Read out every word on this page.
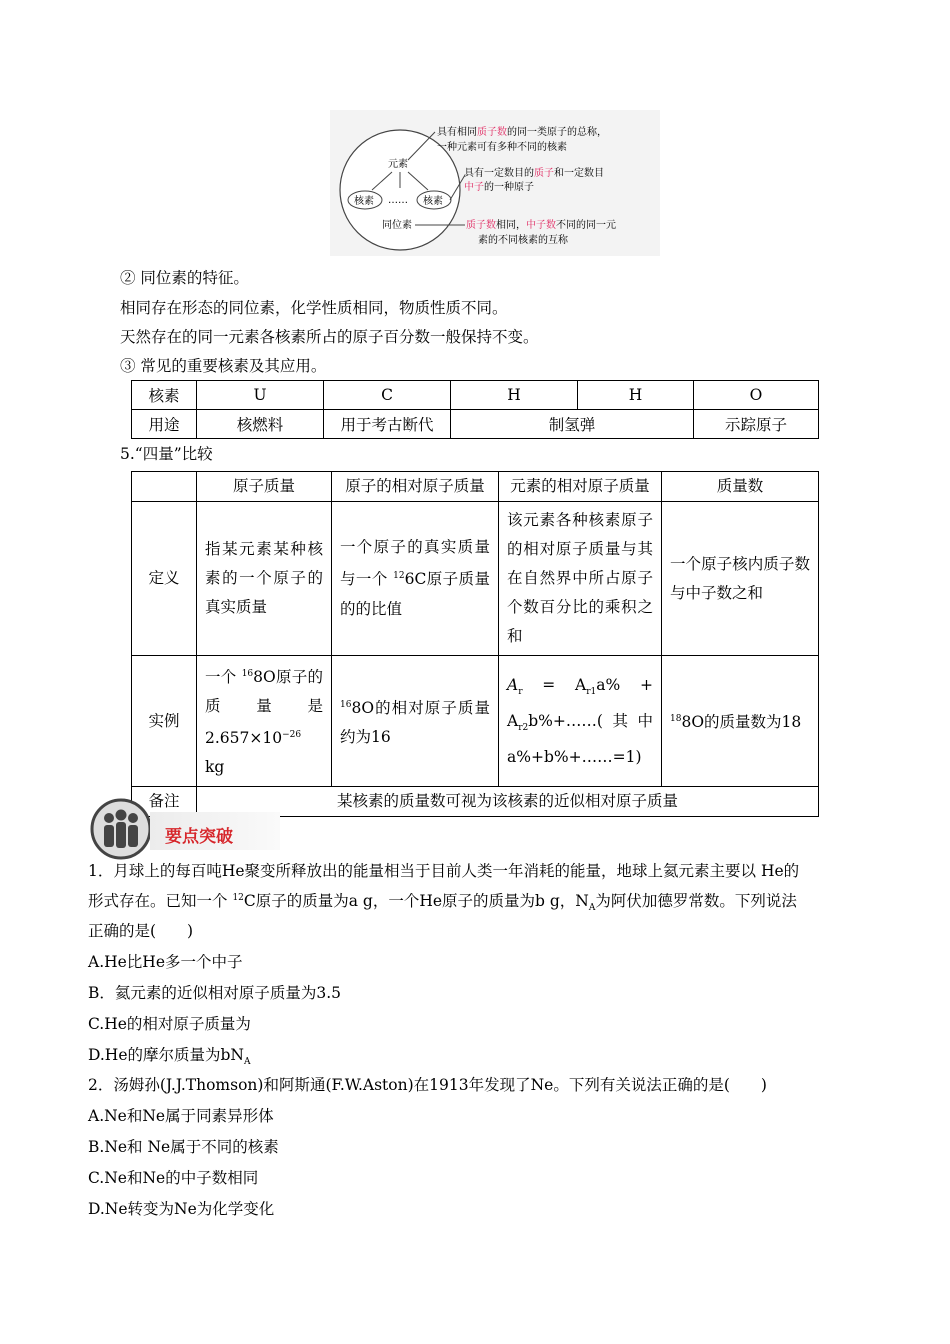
元素
核素	核素
……
同位素
具有相同质子数的同一类原子的总称，
一种元素可有多种不同的核素
具有一定数目的质子和一定数目
中子的一种原子
质子数相同，中子数不同的同一元
素的不同核素的互称
② 同位素的特征。
相同存在形态的同位素，化学性质相同，物质性质不同。
天然存在的同一元素各核素所占的原子百分数一般保持不变。
③ 常见的重要核素及其应用。
核素	U	C	H	H	O
用途	核燃料	用于考古断代	制氢弹		示踪原子
5.“四量”比较
	原子质量	原子的相对原子质量	元素的相对原子质量	质量数
定义	指某元素某种核素的一个原子的真实质量	一个原子的真实质量与一个 $^{12}$6C原子质量的的比值	该元素各种核素原子的相对原子质量与其在自然界中所占原子个数百分比的乘积之和	一个原子核内质子数与中子数之和
实例	一个 $^{16}$8O原子的质量是$2.657\times 10^{-26}$ kg	$^{16}$8O的相对原子质量约为16	$A_r = A_{r1}a\%$ + $A_{r2}b\%+\dots\dots$(其中a%+b%+……=1)	$^{18}$8O的质量数为18
备注	某核素的质量数可视为该核素的近似相对原子质量			
要点突破
1．月球上的每百吨He聚变所释放出的能量相当于目前人类一年消耗的能量，地球上氦元素主要以 He的
形式存在。已知一个 $^{12}$C原子的质量为a g，一个He原子的质量为b g，$N_A$为阿伏加德罗常数。下列说法
正确的是(　　)
A.He比He多一个中子
B．氦元素的近似相对原子质量为3.5
C.He的相对原子质量为
D.He的摩尔质量为$bN_A$
2．汤姆孙(J.J.Thomson)和阿斯通(F.W.Aston)在1913年发现了Ne。下列有关说法正确的是(　　)
A.Ne和Ne属于同素异形体
B.Ne和 Ne属于不同的核素
C.Ne和Ne的中子数相同
D.Ne转变为Ne为化学变化
